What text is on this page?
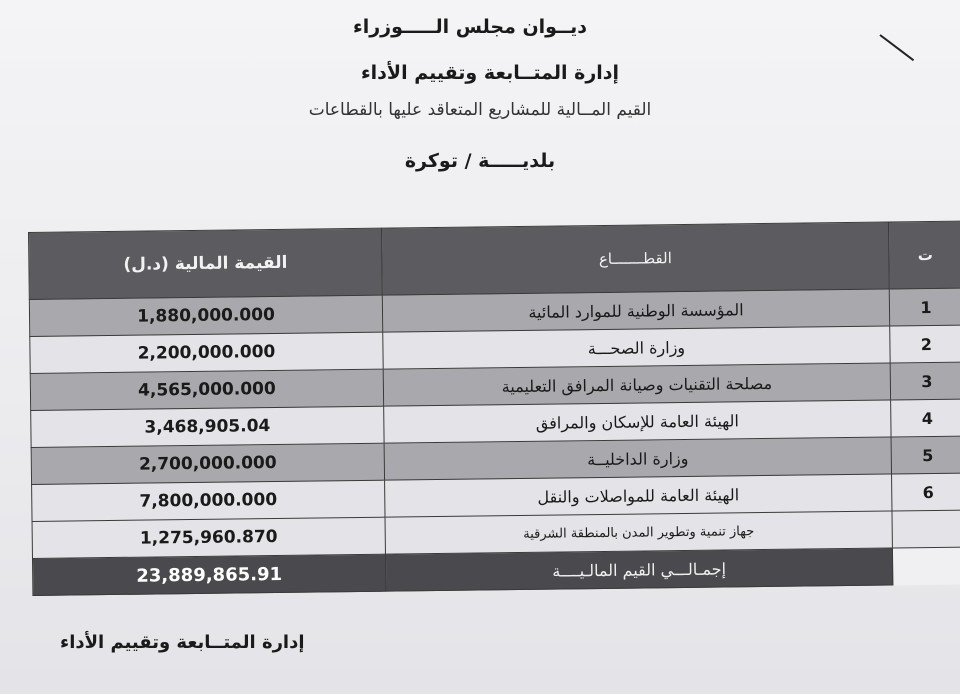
ديــوان مجلس الـــــوزراء
إدارة المتــابعة وتقييم الأداء
القيم المــالية للمشاريع المتعاقد عليها بالقطاعات
بلديـــــة / توكرة
القيمة المالية (د.ل)	القطـــــــاع	ت
1,880,000.000	المؤسسة الوطنية للموارد المائية	1
2,200,000.000	وزارة الصحـــة	2
4,565,000.000	مصلحة التقنيات وصيانة المرافق التعليمية	3
3,468,905.04	الهيئة العامة للإسكان والمرافق	4
2,700,000.000	وزارة الداخليــة	5
7,800,000.000	الهيئة العامة للمواصلات والنقل	6
1,275,960.870	جهاز تنمية وتطوير المدن بالمنطقة الشرقية	
23,889,865.91	إجمـالـــي القيم المالـيــــة	
إدارة المتــابعة وتقييم الأداء
